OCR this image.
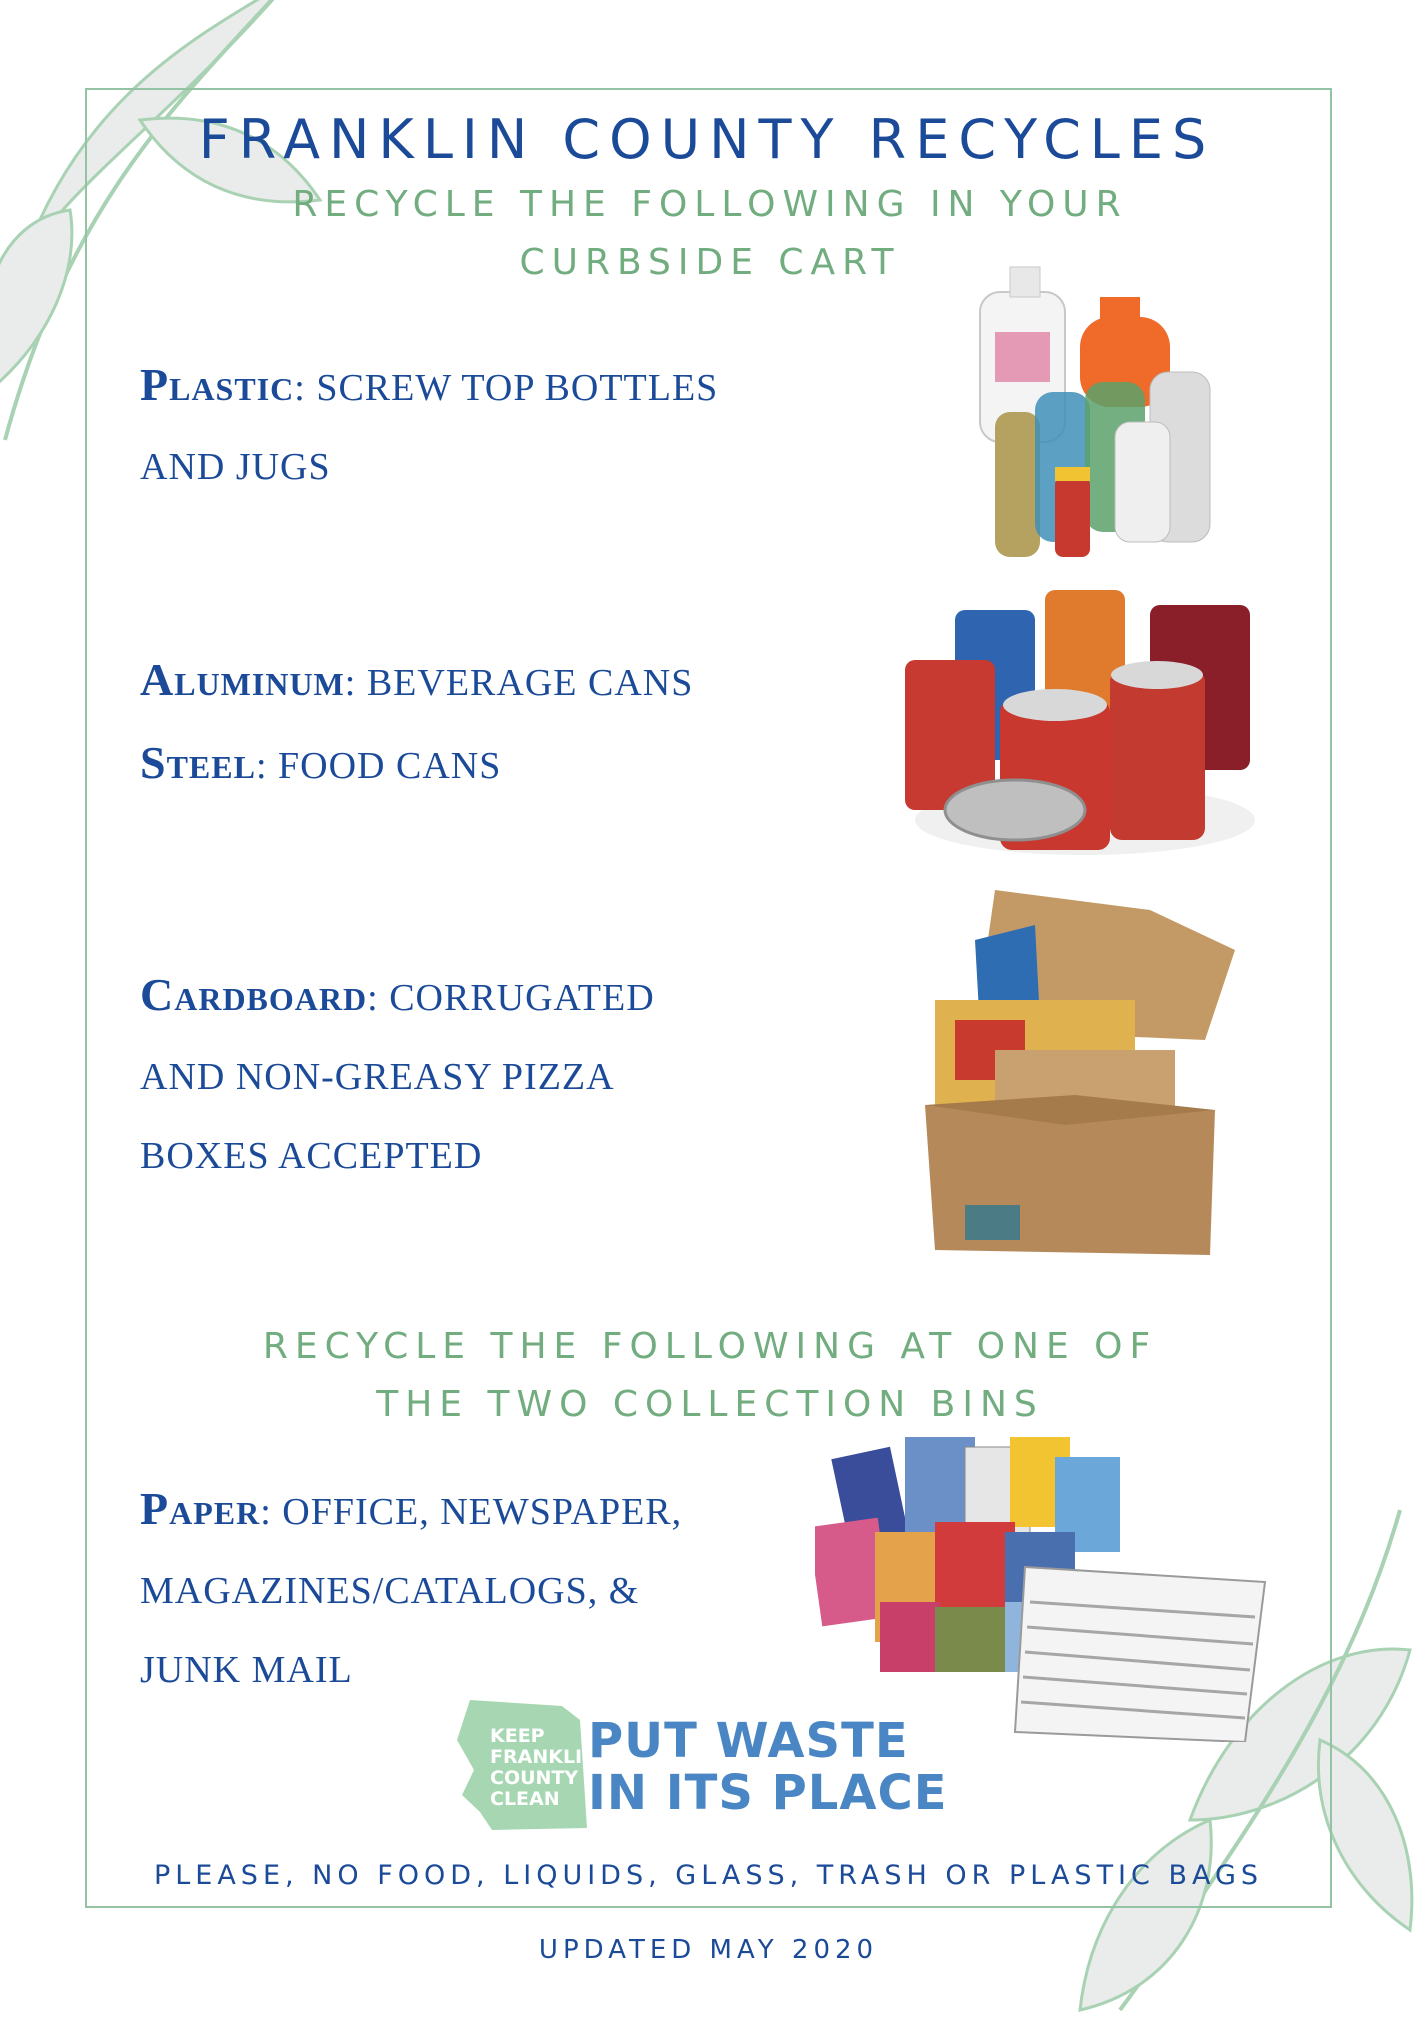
FRANKLIN COUNTY RECYCLES
RECYCLE THE FOLLOWING IN YOUR
CURBSIDE CART
Plastic: SCREW TOP BOTTLES
AND JUGS
Aluminum: BEVERAGE CANS
Steel: FOOD CANS
Cardboard: CORRUGATED
AND NON-GREASY PIZZA
BOXES ACCEPTED
RECYCLE THE FOLLOWING AT ONE OF
THE TWO COLLECTION BINS
Paper: OFFICE, NEWSPAPER,
MAGAZINES/CATALOGS, &
JUNK MAIL
KEEP
FRANKLIN
COUNTY
CLEAN
PUT WASTE
IN ITS PLACE
PLEASE, NO FOOD, LIQUIDS, GLASS, TRASH OR PLASTIC BAGS
UPDATED MAY 2020
